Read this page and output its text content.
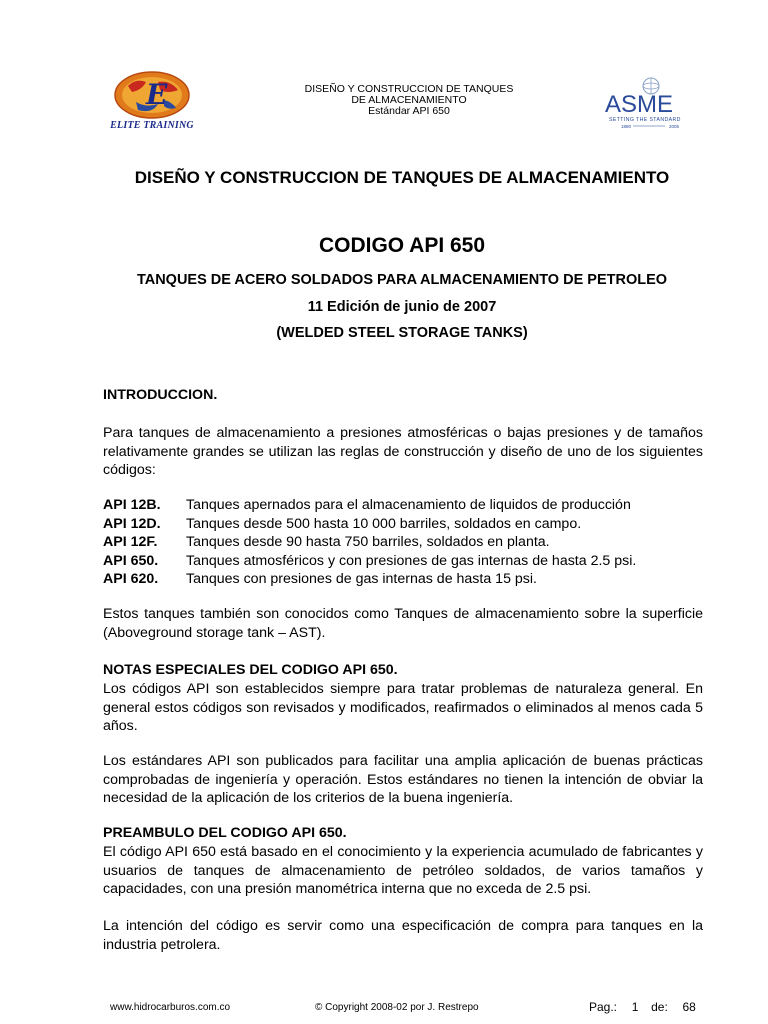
E
ELITE TRAINING
DISEÑO Y CONSTRUCCION DE TANQUES
DE ALMACENAMIENTO
Estándar API 650	ASME
SETTING THE STANDARD
1880	2005
DISEÑO Y CONSTRUCCION DE TANQUES DE ALMACENAMIENTO
CODIGO API 650
TANQUES DE ACERO SOLDADOS PARA ALMACENAMIENTO DE PETROLEO
11 Edición de junio de 2007
(WELDED STEEL STORAGE TANKS)
INTRODUCCION.
Para tanques de almacenamiento a presiones atmosféricas o bajas presiones y de tamaños relativamente grandes se utilizan las reglas de construcción y diseño de uno de los siguientes códigos:
API 12B.	Tanques apernados para el almacenamiento de liquidos de producción
API 12D.	Tanques desde 500 hasta 10 000 barriles, soldados en campo.
API 12F.	Tanques desde 90 hasta 750 barriles, soldados en planta.
API 650.	Tanques atmosféricos y con presiones de gas internas de hasta 2.5 psi.
API 620.	Tanques con presiones de gas internas de hasta 15 psi.
Estos tanques también son conocidos como Tanques de almacenamiento sobre la superficie (Aboveground storage tank – AST).
NOTAS ESPECIALES DEL CODIGO API 650.
Los códigos API son establecidos siempre para tratar problemas de naturaleza general. En general estos códigos son revisados y modificados, reafirmados o eliminados al menos cada 5 años.
Los estándares API son publicados para facilitar una amplia aplicación de buenas prácticas comprobadas de ingeniería y operación. Estos estándares no tienen la intención de obviar la necesidad de la aplicación de los criterios de la buena ingeniería.
PREAMBULO DEL CODIGO API 650.
El código API 650 está basado en el conocimiento y la experiencia acumulado de fabricantes y usuarios de tanques de almacenamiento de petróleo soldados, de varios tamaños y capacidades, con una presión manométrica interna que no exceda de 2.5 psi.
La intención del código es servir como una especificación de compra para tanques en la industria petrolera.
www.hidrocarburos.com.co	© Copyright 2008-02 por J. Restrepo	Pag.: 1 de: 68
